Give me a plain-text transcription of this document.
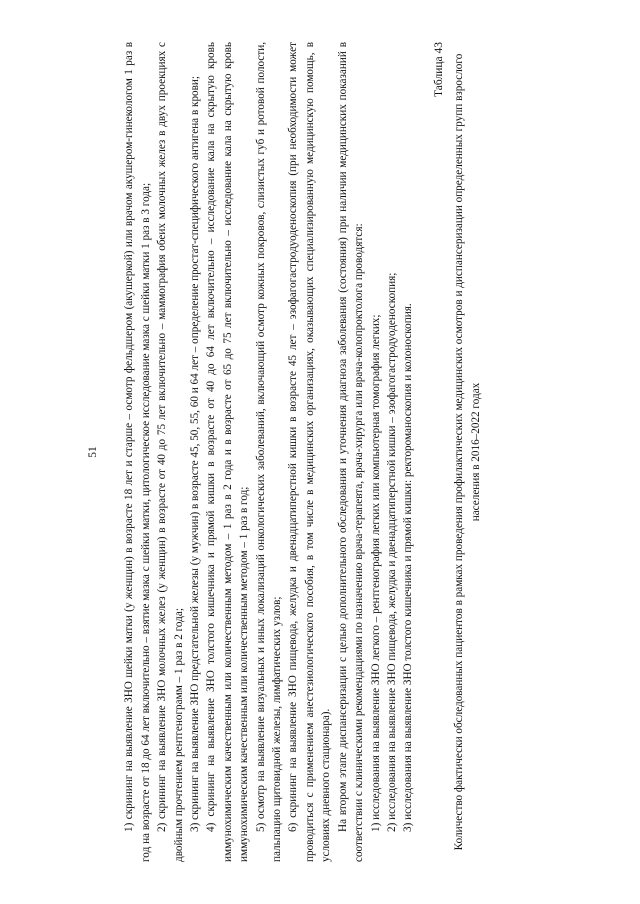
51 1) скрининг на выявление ЗНО шейки матки (у женщин) в возрасте 18 лет и старше – осмотр фельдшером (акушеркой) или врачом акушером-гинекологом 1 раз в год на возрасте от 18 до 64 лет включительно – взятие мазка с шейки матки, цитологическое исследование мазка с шейки матки 1 раз в 3 года; 2) скрининг на выявление ЗНО молочных желез (у женщин) в возрасте от 40 до 75 лет включительно – маммография обеих молочных желез в двух проекциях с двойным прочтением рентгенограмм – 1 раз в 2 года; 3) скрининг на выявление ЗНО предстательной железы (у мужчин) в возрасте 45, 50, 55, 60 и 64 лет – определение простат-специфического антигена в крови; 4) скрининг на выявление ЗНО толстого кишечника и прямой кишки в возрасте от 40 до 64 лет включительно – исследование кала на скрытую кровь иммунохимическим качественным или количественным методом – 1 раз в 2 года и в возрасте от 65 до 75 лет включительно – исследование кала на скрытую кровь иммунохимическим качественным или количественным методом – 1 раз в год; 5) осмотр на выявление визуальных и иных локализаций онкологических заболеваний, включающий осмотр кожных покровов, слизистых губ и ротовой полости, пальпацию щитовидной железы, лимфатических узлов; 6) скрининг на выявление ЗНО пищевода, желудка и двенадцатиперстной кишки в возрасте 45 лет – эзофагогастродуоденоскопия (при необходимости может проводиться с применением анестезиологического пособия, в том числе в медицинских организациях, оказывающих специализированную медицинскую помощь, в условиях дневного стационара). На втором этапе диспансеризации с целью дополнительного обследования и уточнения диагноза заболевания (состояния) при наличии медицинских показаний в соответствии с клиническими рекомендациями по назначению врача-терапевта, врача-хирурга или врача-колопроктолога проводятся: 1) исследования на выявление ЗНО легкого – рентгенография легких или компьютерная томография легких; 2) исследования на выявление ЗНО пищевода, желудка и двенадцатиперстной кишки – эзофагогастродуоденоскопия; 3) исследования на выявление ЗНО толстого кишечника и прямой кишки: ректороманоскопия и колоноскопия.

Таблица 43 Количество фактически обследованных пациентов в рамках проведения профилактических медицинских осмотров и диспансеризации определенных групп взрослого населения в 2016–2022 годах
